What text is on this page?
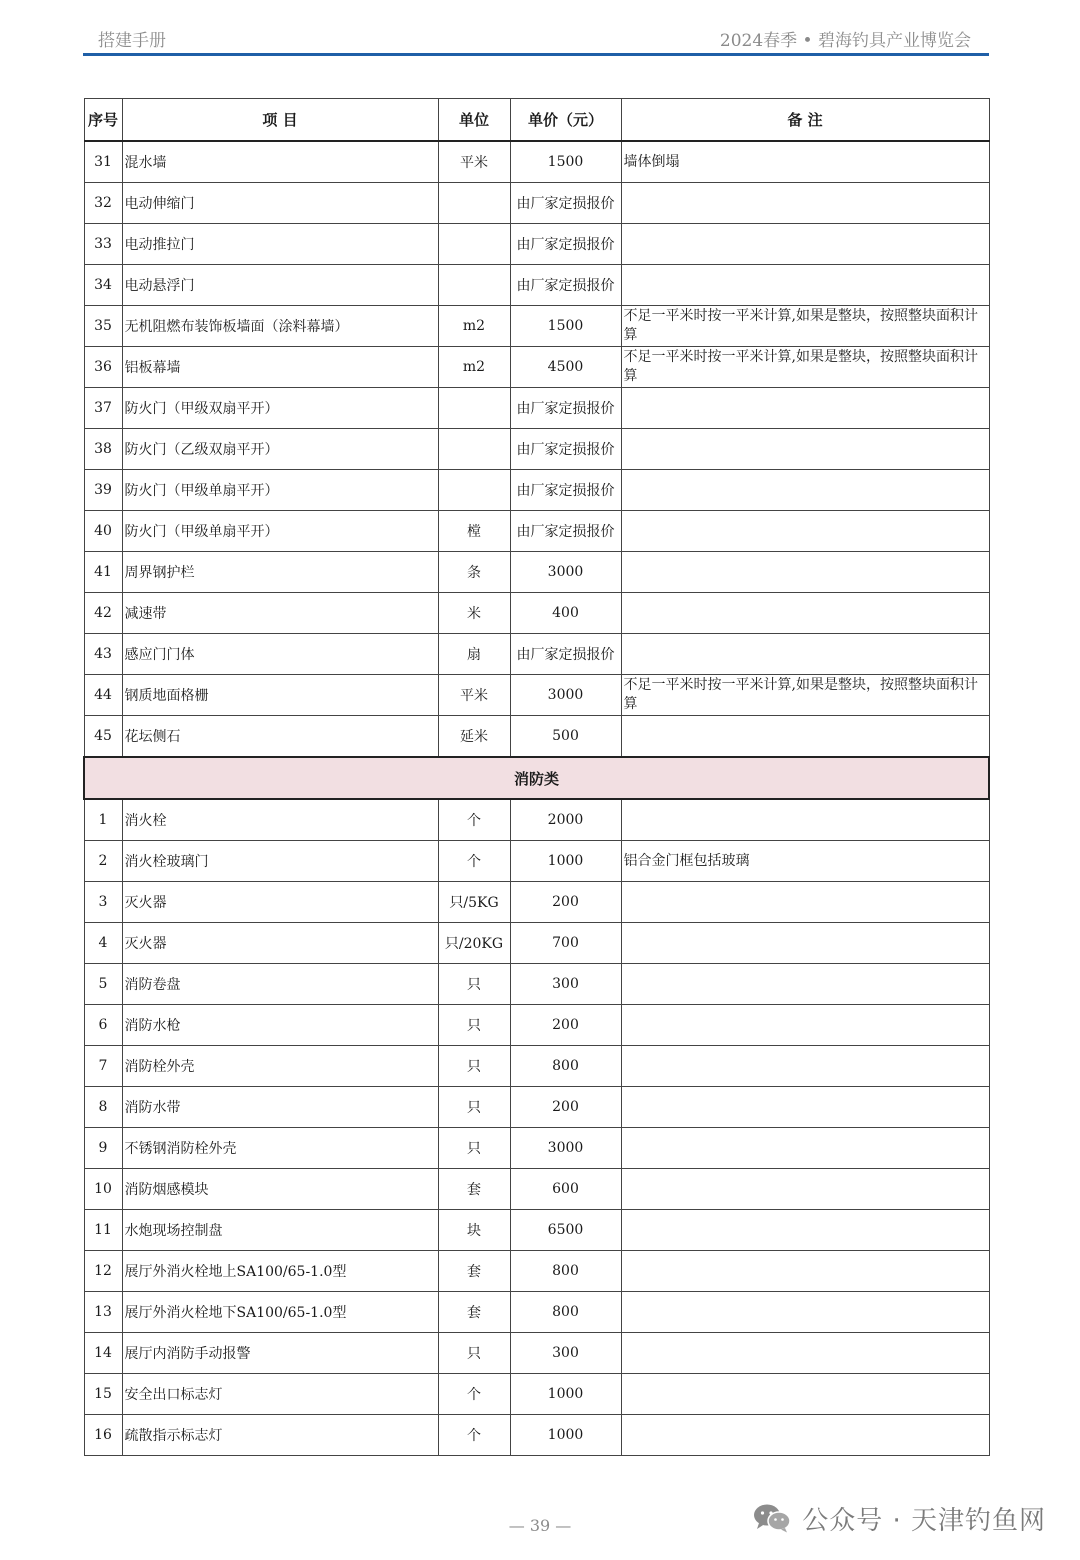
搭建手册	2024春季 • 碧海钓具产业博览会
序号	项 目	单位	单价（元）	备 注
31	混水墙	平米	1500	墙体倒塌
32	电动伸缩门		由厂家定损报价	
33	电动推拉门		由厂家定损报价	
34	电动悬浮门		由厂家定损报价	
35	无机阻燃布装饰板墙面（涂料幕墙）	m2	1500	不足一平米时按一平米计算,如果是整块，按照整块面积计算
36	铝板幕墙	m2	4500	不足一平米时按一平米计算,如果是整块，按照整块面积计算
37	防火门（甲级双扇平开）		由厂家定损报价	
38	防火门（乙级双扇平开）		由厂家定损报价	
39	防火门（甲级单扇平开）		由厂家定损报价	
40	防火门（甲级单扇平开）	樘	由厂家定损报价	
41	周界钢护栏	条	3000	
42	减速带	米	400	
43	感应门门体	扇	由厂家定损报价	
44	钢质地面格栅	平米	3000	不足一平米时按一平米计算,如果是整块，按照整块面积计算
45	花坛侧石	延米	500	
消防类				
1	消火栓	个	2000	
2	消火栓玻璃门	个	1000	铝合金门框包括玻璃
3	灭火器	只/5KG	200	
4	灭火器	只/20KG	700	
5	消防卷盘	只	300	
6	消防水枪	只	200	
7	消防栓外壳	只	800	
8	消防水带	只	200	
9	不锈钢消防栓外壳	只	3000	
10	消防烟感模块	套	600	
11	水炮现场控制盘	块	6500	
12	展厅外消火栓地上SA100/65-1.0型	套	800	
13	展厅外消火栓地下SA100/65-1.0型	套	800	
14	展厅内消防手动报警	只	300	
15	安全出口标志灯	个	1000	
16	疏散指示标志灯	个	1000	
— 39 —	公众号 · 天津钓鱼网
